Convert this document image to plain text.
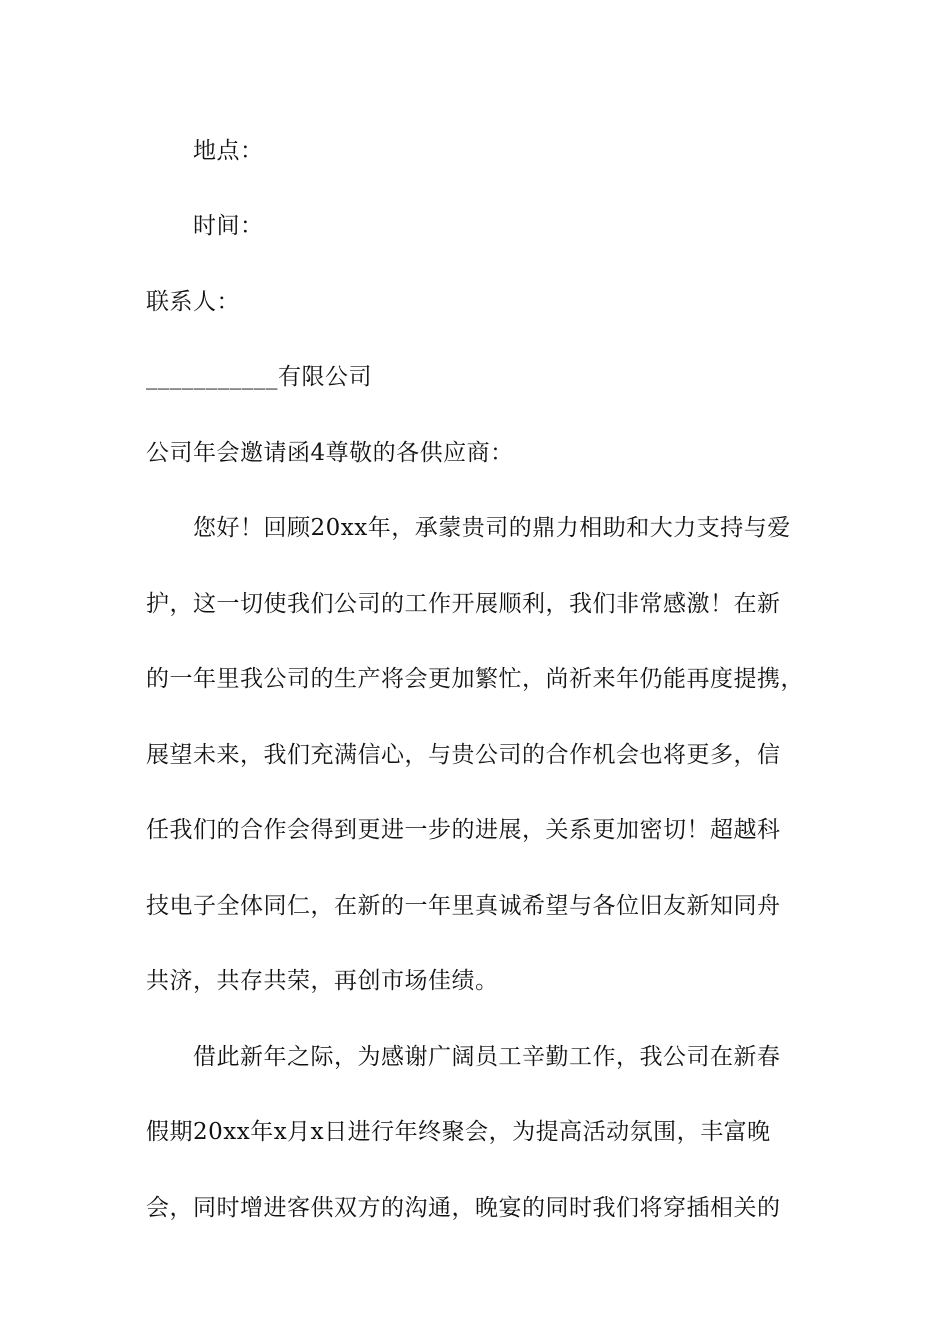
地点：
时间：
联系人：
___________有限公司
公司年会邀请函4尊敬的各供应商：
您好！回顾20xx年，承蒙贵司的鼎力相助和大力支持与爱
护，这一切使我们公司的工作开展顺利，我们非常感激！在新
的一年里我公司的生产将会更加繁忙，尚祈来年仍能再度提携，
展望未来，我们充满信心，与贵公司的合作机会也将更多，信
任我们的合作会得到更进一步的进展，关系更加密切！超越科
技电子全体同仁，在新的一年里真诚希望与各位旧友新知同舟
共济，共存共荣，再创市场佳绩。
借此新年之际，为感谢广阔员工辛勤工作，我公司在新春
假期20xx年x月x日进行年终聚会，为提高活动氛围，丰富晚
会，同时增进客供双方的沟通，晚宴的同时我们将穿插相关的
